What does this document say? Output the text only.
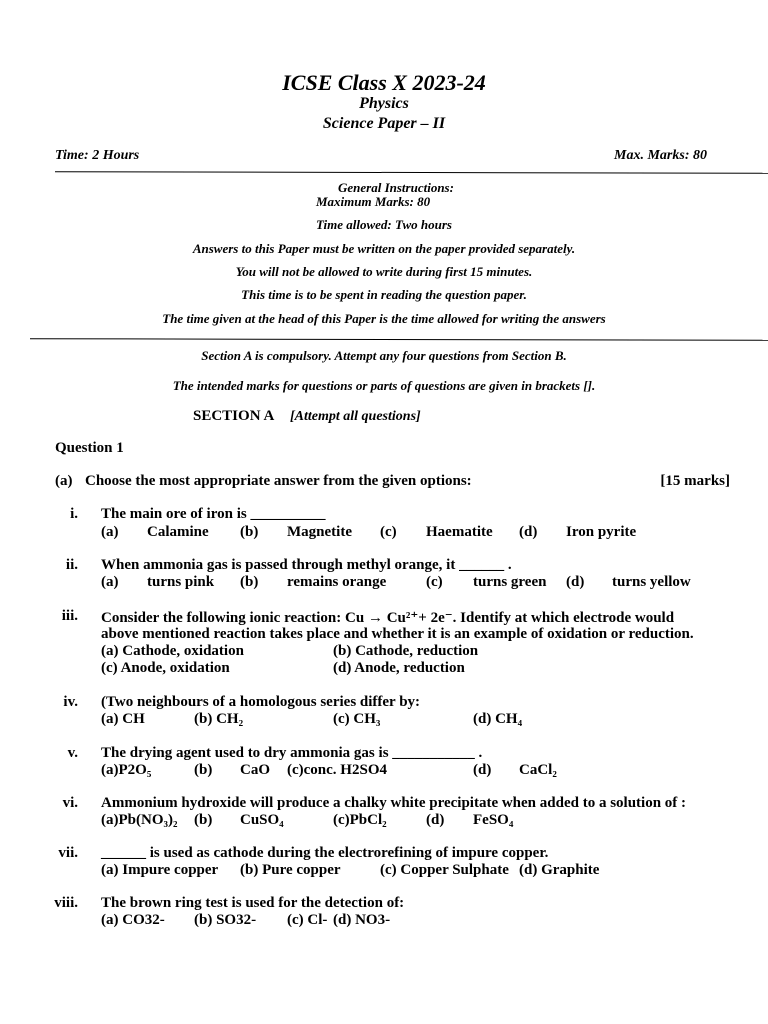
ICSE Class X 2023-24
Physics
Science Paper – II
Time: 2 Hours	Max. Marks: 80
General Instructions:
Maximum Marks: 80
Time allowed: Two hours
Answers to this Paper must be written on the paper provided separately.
You will not be allowed to write during first 15 minutes.
This time is to be spent in reading the question paper.
The time given at the head of this Paper is the time allowed for writing the answers
Section A is compulsory. Attempt any four questions from Section B.
The intended marks for questions or parts of questions are given in brackets [].
SECTION A [Attempt all questions]
Question 1
(a) Choose the most appropriate answer from the given options:	[15 marks]
i. The main ore of iron is __________
(a) Calamine (b) Magnetite (c) Haematite (d) Iron pyrite
ii. When ammonia gas is passed through methyl orange, it ______ .
(a) turns pink (b) remains orange	(c) turns green (d) turns yellow
iii. Consider the following ionic reaction: Cu → Cu²⁺+ 2e⁻. Identify at which electrode would
above mentioned reaction takes place and whether it is an example of oxidation or reduction.
(a) Cathode, oxidation	(b) Cathode, reduction
(c) Anode, oxidation	(d) Anode, reduction
iv. (Two neighbours of a homologous series differ by:
(a) CH	(b) CH₂	(c) CH₃	(d) CH₄
v. The drying agent used to dry ammonia gas is ___________ .
(a)P2O₅	(b) CaO (c)conc. H2SO4	(d) CaCl₂
vi. Ammonium hydroxide will produce a chalky white precipitate when added to a solution of :
(a)Pb(NO₃)₂ (b) CuSO₄	(c)PbCl₂	(d) FeSO₄
vii. ______ is used as cathode during the electrorefining of impure copper.
(a) Impure copper (b) Pure copper	(c) Copper Sulphate (d) Graphite
viii. The brown ring test is used for the detection of:
(a) CO32- (b) SO32- (c) Cl- (d) NO3-
